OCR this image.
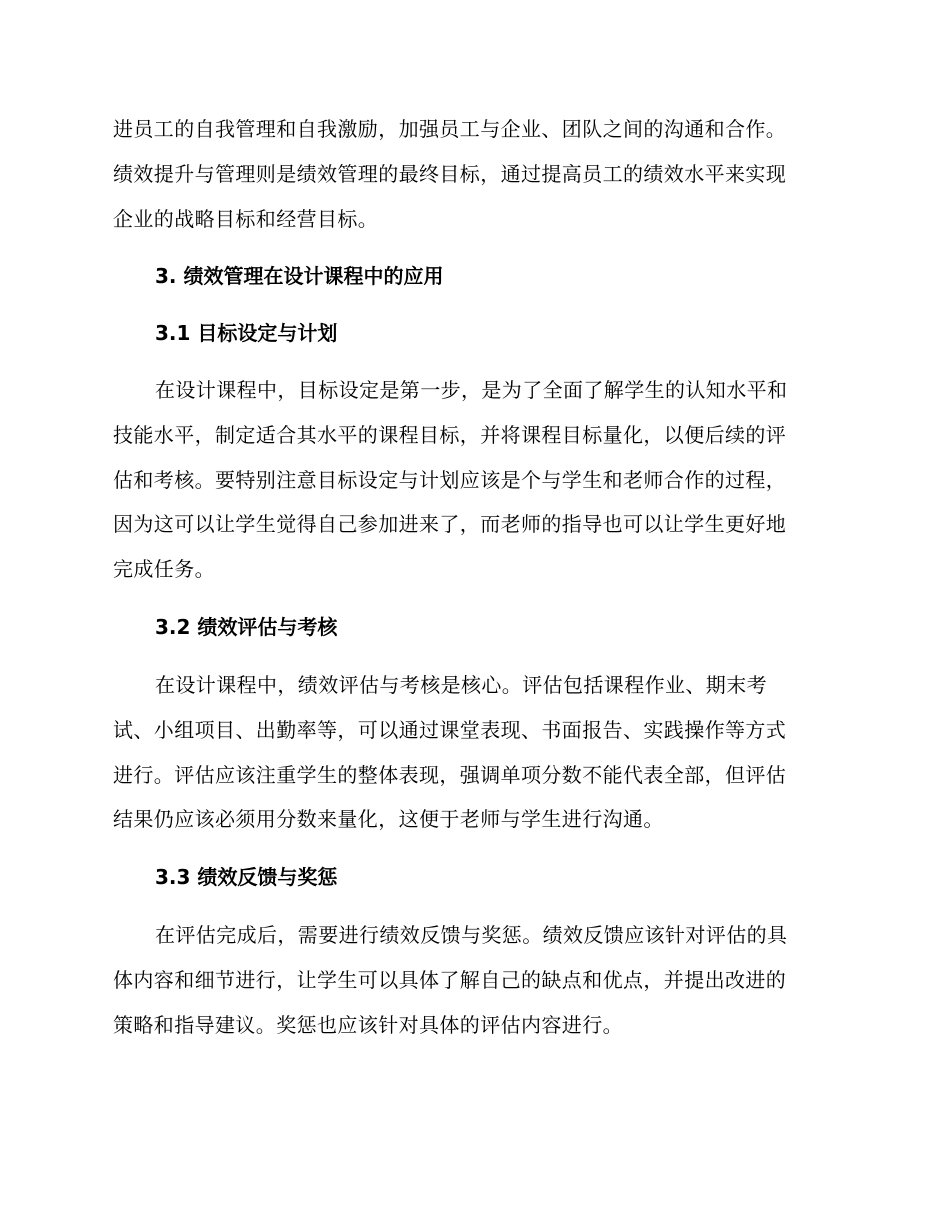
进员工的自我管理和自我激励，加强员工与企业、团队之间的沟通和合作。
绩效提升与管理则是绩效管理的最终目标，通过提高员工的绩效水平来实现
企业的战略目标和经营目标。
3. 绩效管理在设计课程中的应用
3.1 目标设定与计划
在设计课程中，目标设定是第一步，是为了全面了解学生的认知水平和
技能水平，制定适合其水平的课程目标，并将课程目标量化，以便后续的评
估和考核。要特别注意目标设定与计划应该是个与学生和老师合作的过程，
因为这可以让学生觉得自己参加进来了，而老师的指导也可以让学生更好地
完成任务。
3.2 绩效评估与考核
在设计课程中，绩效评估与考核是核心。评估包括课程作业、期末考
试、小组项目、出勤率等，可以通过课堂表现、书面报告、实践操作等方式
进行。评估应该注重学生的整体表现，强调单项分数不能代表全部，但评估
结果仍应该必须用分数来量化，这便于老师与学生进行沟通。
3.3 绩效反馈与奖惩
在评估完成后，需要进行绩效反馈与奖惩。绩效反馈应该针对评估的具
体内容和细节进行，让学生可以具体了解自己的缺点和优点，并提出改进的
策略和指导建议。奖惩也应该针对具体的评估内容进行。
